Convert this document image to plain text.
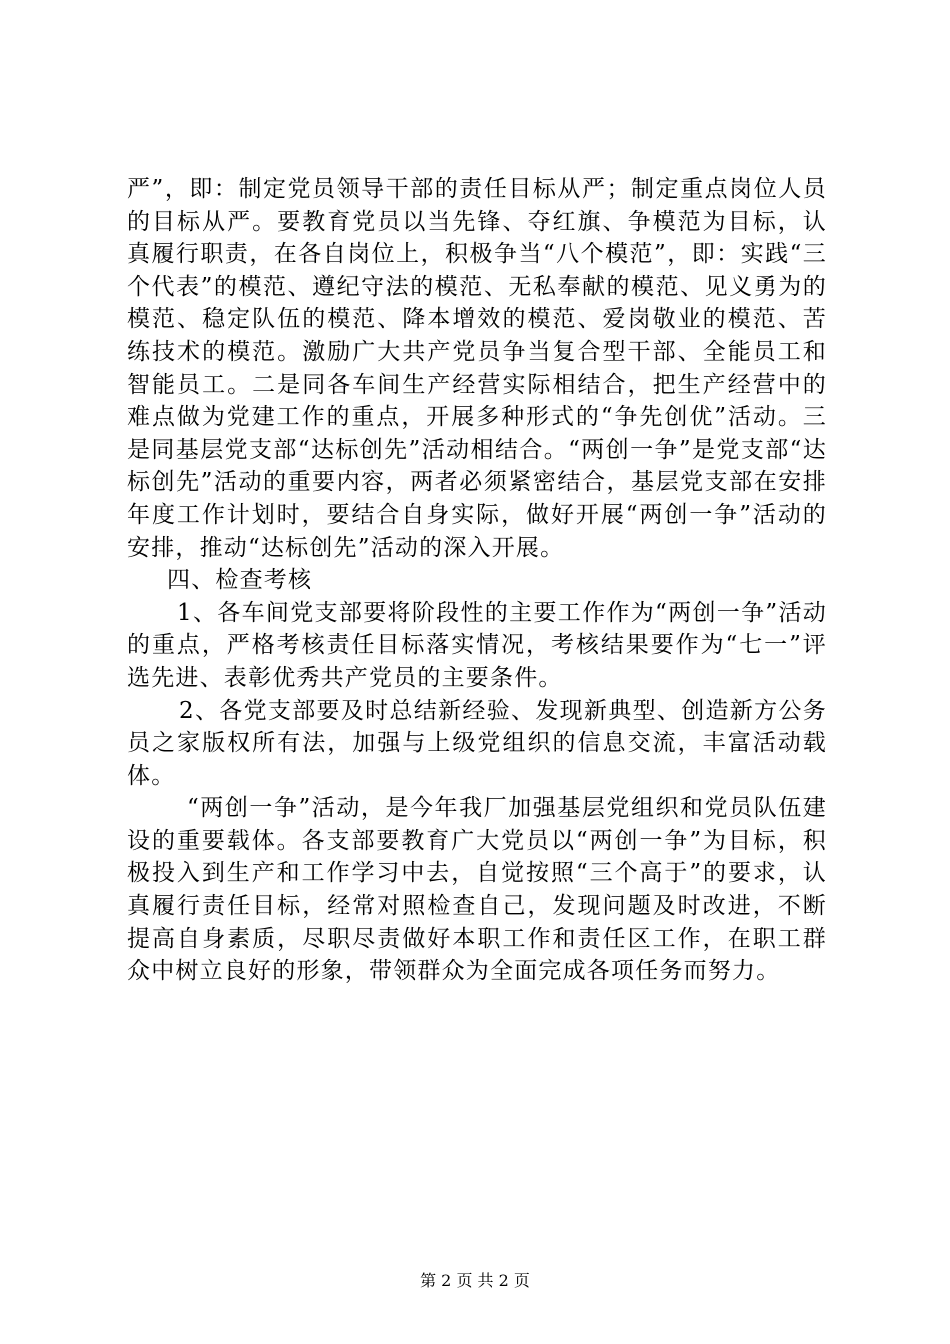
严”，即：制定党员领导干部的责任目标从严；制定重点岗位人员的目标从严。要教育党员以当先锋、夺红旗、争模范为目标，认真履行职责，在各自岗位上，积极争当“八个模范”，即：实践“三个代表”的模范、遵纪守法的模范、无私奉献的模范、见义勇为的模范、稳定队伍的模范、降本增效的模范、爱岗敬业的模范、苦练技术的模范。激励广大共产党员争当复合型干部、全能员工和智能员工。二是同各车间生产经营实际相结合，把生产经营中的难点做为党建工作的重点，开展多种形式的“争先创优”活动。三是同基层党支部“达标创先”活动相结合。“两创一争”是党支部“达标创先”活动的重要内容，两者必须紧密结合，基层党支部在安排年度工作计划时，要结合自身实际，做好开展“两创一争”活动的安排，推动“达标创先”活动的深入开展。

四、检查考核

1、各车间党支部要将阶段性的主要工作作为“两创一争”活动的重点，严格考核责任目标落实情况，考核结果要作为“七一”评选先进、表彰优秀共产党员的主要条件。

2、各党支部要及时总结新经验、发现新典型、创造新方公务员之家版权所有法，加强与上级党组织的信息交流，丰富活动载体。

“两创一争”活动，是今年我厂加强基层党组织和党员队伍建设的重要载体。各支部要教育广大党员以“两创一争”为目标，积极投入到生产和工作学习中去，自觉按照“三个高于”的要求，认真履行责任目标，经常对照检查自己，发现问题及时改进，不断提高自身素质，尽职尽责做好本职工作和责任区工作，在职工群众中树立良好的形象，带领群众为全面完成各项任务而努力。

第 2 页 共 2 页
